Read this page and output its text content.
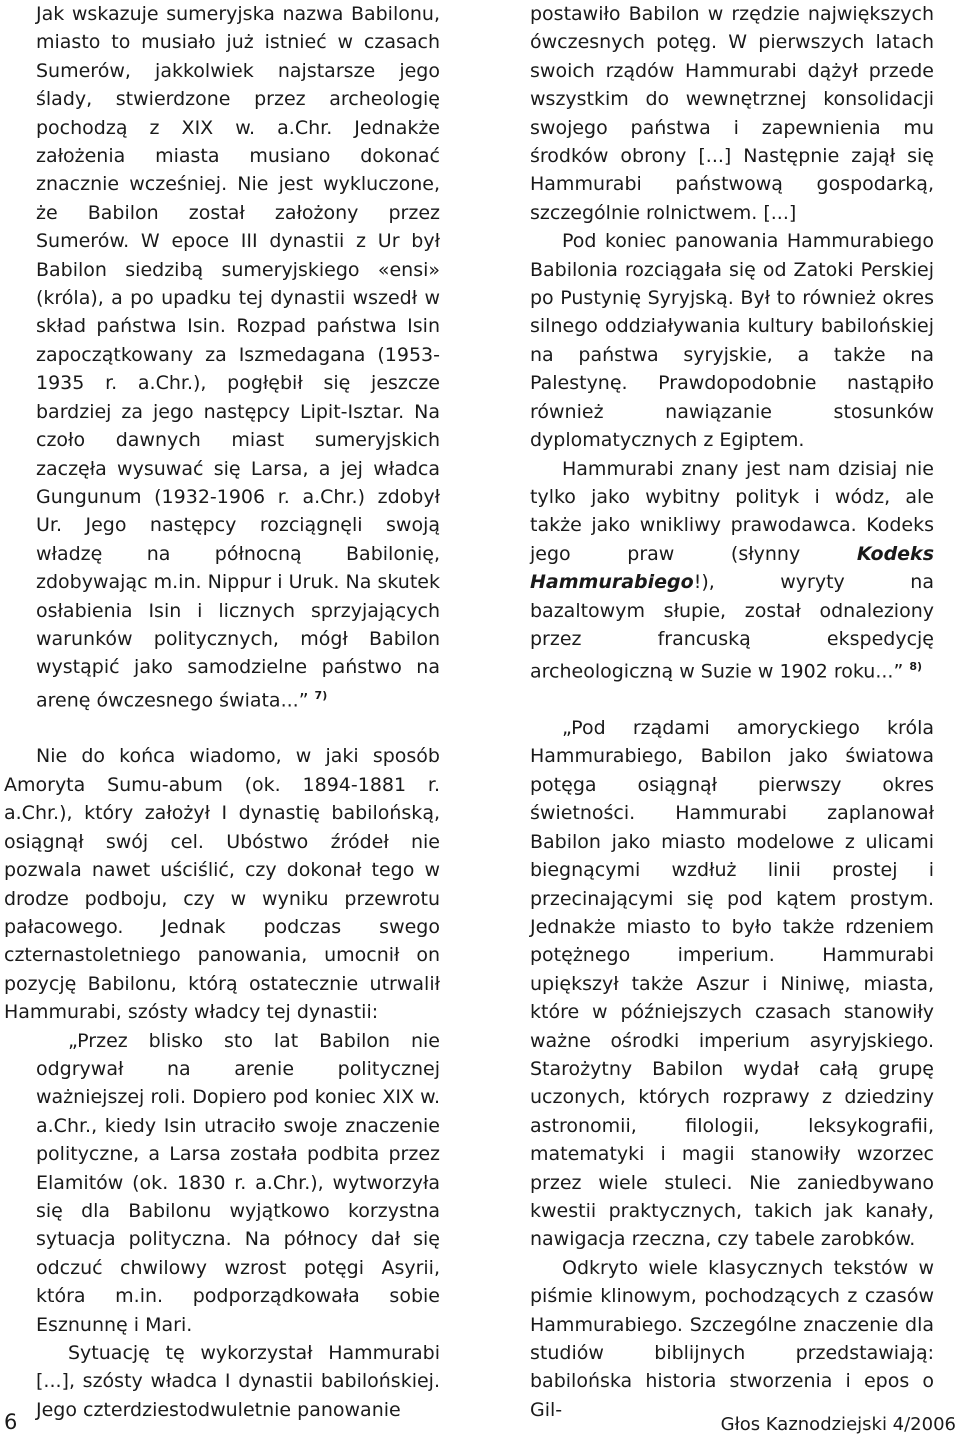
Jak wskazuje sumeryjska nazwa Babilonu, miasto to musiało już istnieć w czasach Sumerów, jakkolwiek najstarsze jego ślady, stwierdzone przez archeologię pochodzą z XIX w. a.Chr. Jednakże założenia miasta musiano dokonać znacznie wcześniej. Nie jest wykluczone, że Babilon został założony przez Sumerów. W epoce III dynastii z Ur był Babilon siedzibą sumeryjskiego «ensi» (króla), a po upadku tej dynastii wszedł w skład państwa Isin. Rozpad państwa Isin zapoczątkowany za Iszmedagana (1953-1935 r. a.Chr.), pogłębił się jeszcze bardziej za jego następcy Lipit-Isztar. Na czoło dawnych miast sumeryjskich zaczęła wysuwać się Larsa, a jej władca Gungunum (1932-1906 r. a.Chr.) zdobył Ur. Jego następcy rozciągnęli swoją władzę na północną Babilonię, zdobywając m.in. Nippur i Uruk. Na skutek osłabienia Isin i licznych sprzyjających warunków politycznych, mógł Babilon wystąpić jako samodzielne państwo na arenę ówczesnego świata...” $^{7)}$

Nie do końca wiadomo, w jaki sposób Amoryta Sumu-abum (ok. 1894-1881 r. a.Chr.), który założył I dynastię babilońską, osiągnął swój cel. Ubóstwo źródeł nie pozwala nawet uściślić, czy dokonał tego w drodze podboju, czy w wyniku przewrotu pałacowego. Jednak podczas swego czternastoletniego panowania, umocnił on pozycję Babilonu, którą ostatecznie utrwalił Hammurabi, szósty władcy tej dynastii:

„Przez blisko sto lat Babilon nie odgrywał na arenie politycznej ważniejszej roli. Dopiero pod koniec XIX w. a.Chr., kiedy Isin utraciło swoje znaczenie polityczne, a Larsa została podbita przez Elamitów (ok. 1830 r. a.Chr.), wytworzyła się dla Babilonu wyjątkowo korzystna sytuacja polityczna. Na północy dał się odczuć chwilowy wzrost potęgi Asyrii, która m.in. podporządkowała sobie Esznunnę i Mari.

Sytuację tę wykorzystał Hammurabi [...], szósty władca I dynastii babilońskiej. Jego czterdziestodwuletnie panowanie

postawiło Babilon w rzędzie największych ówczesnych potęg. W pierwszych latach swoich rządów Hammurabi dążył przede wszystkim do wewnętrznej konsolidacji swojego państwa i zapewnienia mu środków obrony [...] Następnie zajął się Hammurabi państwową gospodarką, szczególnie rolnictwem. [...]

Pod koniec panowania Hammurabiego Babilonia rozciągała się od Zatoki Perskiej po Pustynię Syryjską. Był to również okres silnego oddziaływania kultury babilońskiej na państwa syryjskie, a także na Palestynę. Prawdopodobnie nastąpiło również nawiązanie stosunków dyplomatycznych z Egiptem.

Hammurabi znany jest nam dzisiaj nie tylko jako wybitny polityk i wódz, ale także jako wnikliwy prawodawca. Kodeks jego praw (słynny Kodeks Hammurabiego!), wyryty na bazaltowym słupie, został odnaleziony przez francuską ekspedycję archeologiczną w Suzie w 1902 roku...” $^{8)}$

„Pod rządami amoryckiego króla Hammurabiego, Babilon jako światowa potęga osiągnął pierwszy okres świetności. Hammurabi zaplanował Babilon jako miasto modelowe z ulicami biegnącymi wzdłuż linii prostej i przecinającymi się pod kątem prostym. Jednakże miasto to było także rdzeniem potężnego imperium. Hammurabi upiększył także Aszur i Niniwę, miasta, które w późniejszych czasach stanowiły ważne ośrodki imperium asyryjskiego. Starożytny Babilon wydał całą grupę uczonych, których rozprawy z dziedziny astronomii, filologii, leksykografii, matematyki i magii stanowiły wzorzec przez wiele stuleci. Nie zaniedbywano kwestii praktycznych, takich jak kanały, nawigacja rzeczna, czy tabele zarobków.

Odkryto wiele klasycznych tekstów w piśmie klinowym, pochodzących z czasów Hammurabiego. Szczególne znaczenie dla studiów biblijnych przedstawiają: babilońska historia stworzenia i epos o Gil-

6	Głos Kaznodziejski 4/2006
